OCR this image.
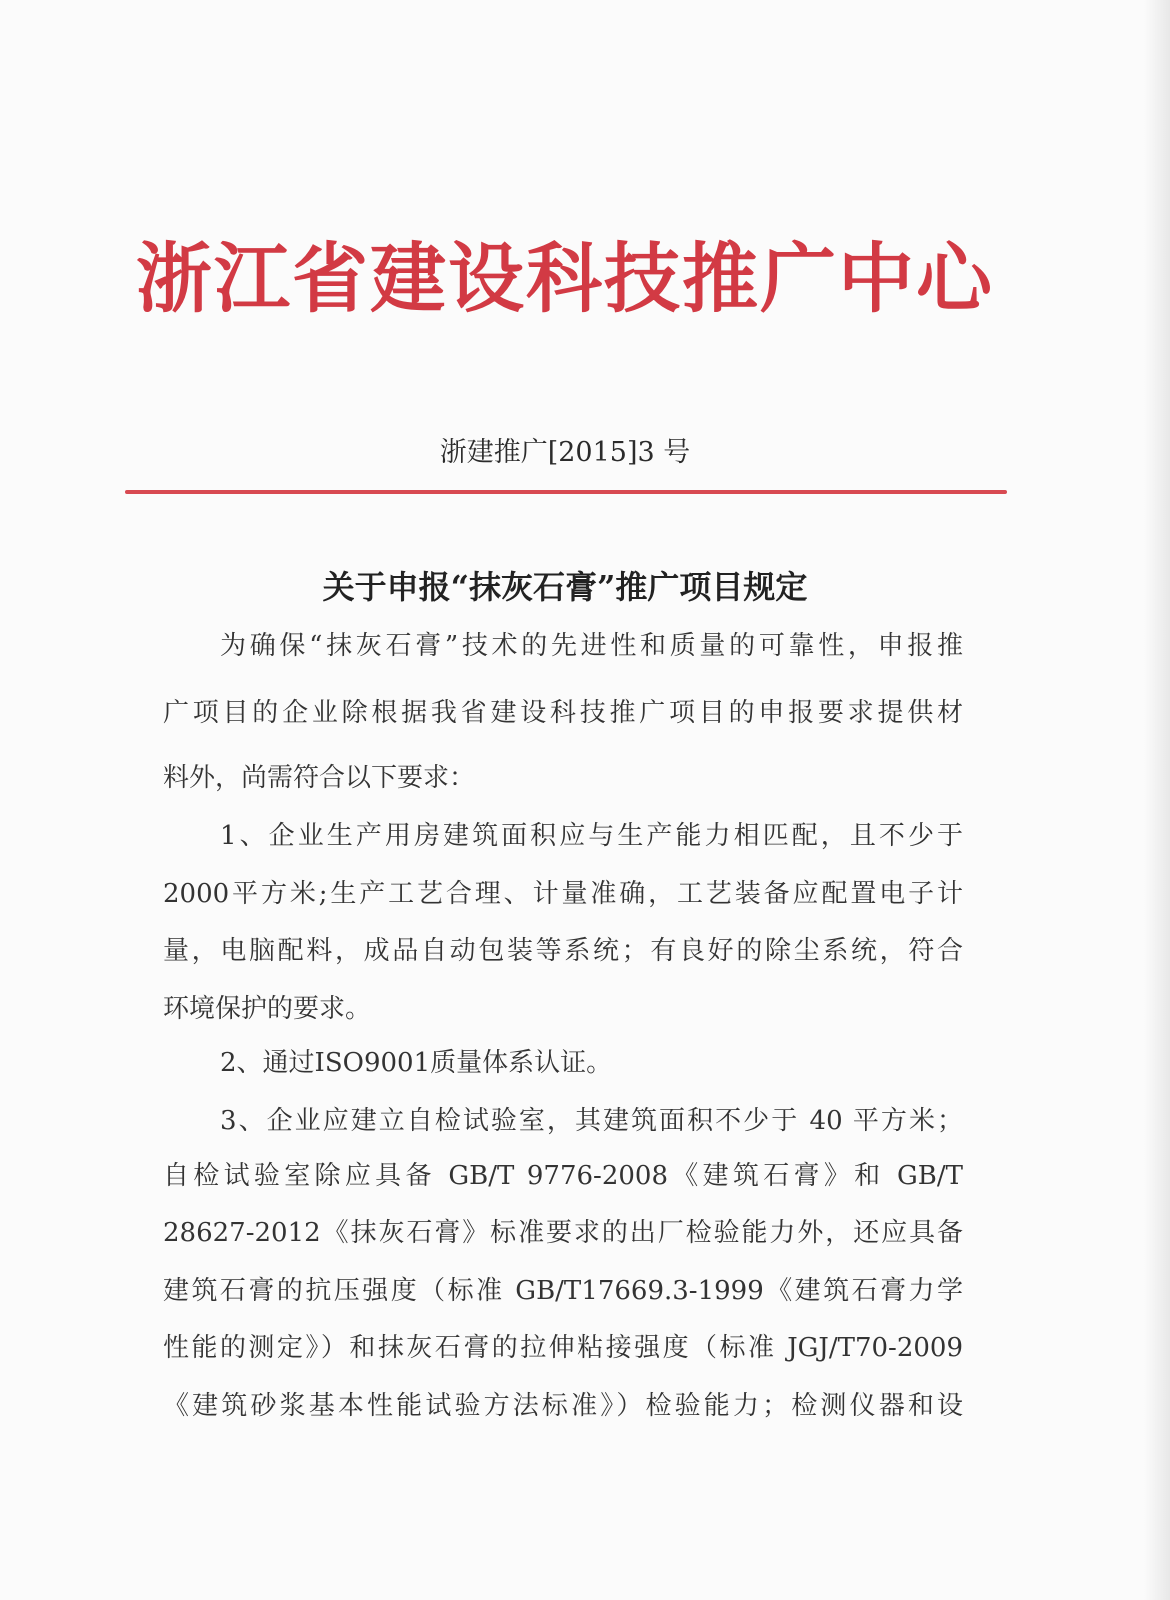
浙江省建设科技推广中心
浙建推广[2015]3 号
关于申报“抹灰石膏”推广项目规定
为确保“抹灰石膏”技术的先进性和质量的可靠性，申报推
广项目的企业除根据我省建设科技推广项目的申报要求提供材
料外，尚需符合以下要求：
1、企业生产用房建筑面积应与生产能力相匹配，且不少于
2000平方米;生产工艺合理、计量准确，工艺装备应配置电子计
量，电脑配料，成品自动包装等系统；有良好的除尘系统，符合
环境保护的要求。
2、通过ISO9001质量体系认证。
3、企业应建立自检试验室，其建筑面积不少于 40 平方米；
自检试验室除应具备 GB/T 9776-2008《建筑石膏》和 GB/T
28627-2012《抹灰石膏》标准要求的出厂检验能力外，还应具备
建筑石膏的抗压强度（标准 GB/T17669.3-1999《建筑石膏力学
性能的测定》）和抹灰石膏的拉伸粘接强度（标准 JGJ/T70-2009
《建筑砂浆基本性能试验方法标准》）检验能力；检测仪器和设
